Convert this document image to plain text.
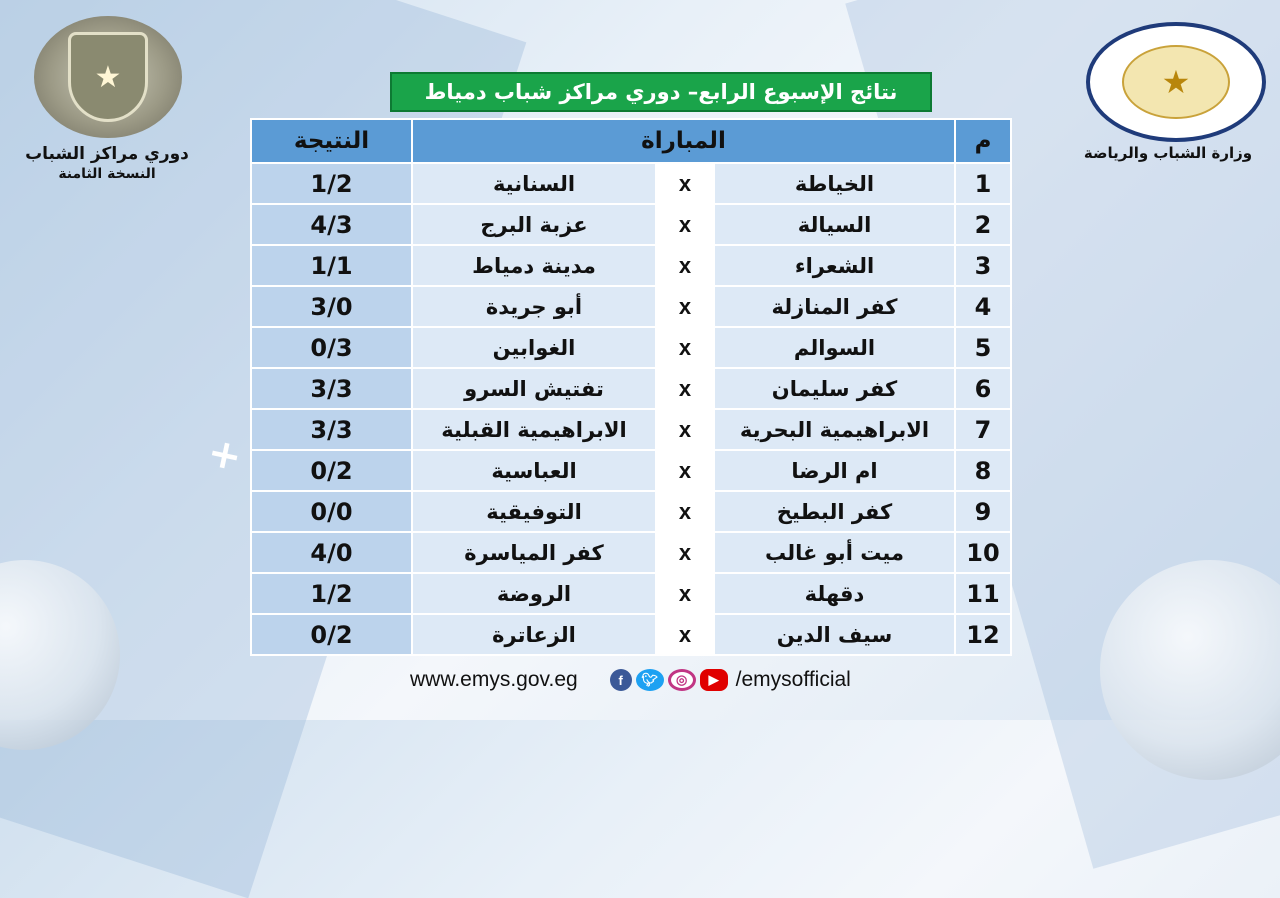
+
★
دوري مراكز الشباب
النسخة الثامنة
★
وزارة الشباب والرياضة
نتائج الإسبوع الرابع– دوري مراكز شباب دمياط
م	المباراة			النتيجة
1	الخياطة	x	السنانية	1/2
2	السيالة	x	عزبة البرج	4/3
3	الشعراء	x	مدينة دمياط	1/1
4	كفر المنازلة	x	أبو جريدة	3/0
5	السوالم	x	الغوابين	0/3
6	كفر سليمان	x	تفتيش السرو	3/3
7	الابراهيمية البحرية	x	الابراهيمية القبلية	3/3
8	ام الرضا	x	العباسية	0/2
9	كفر البطيخ	x	التوفيقية	0/0
10	ميت أبو غالب	x	كفر المياسرة	4/0
11	دقهلة	x	الروضة	1/2
12	سيف الدين	x	الزعاترة	0/2
www.emys.gov.eg	f	🐦︎	◎	▶ /emysofficial
